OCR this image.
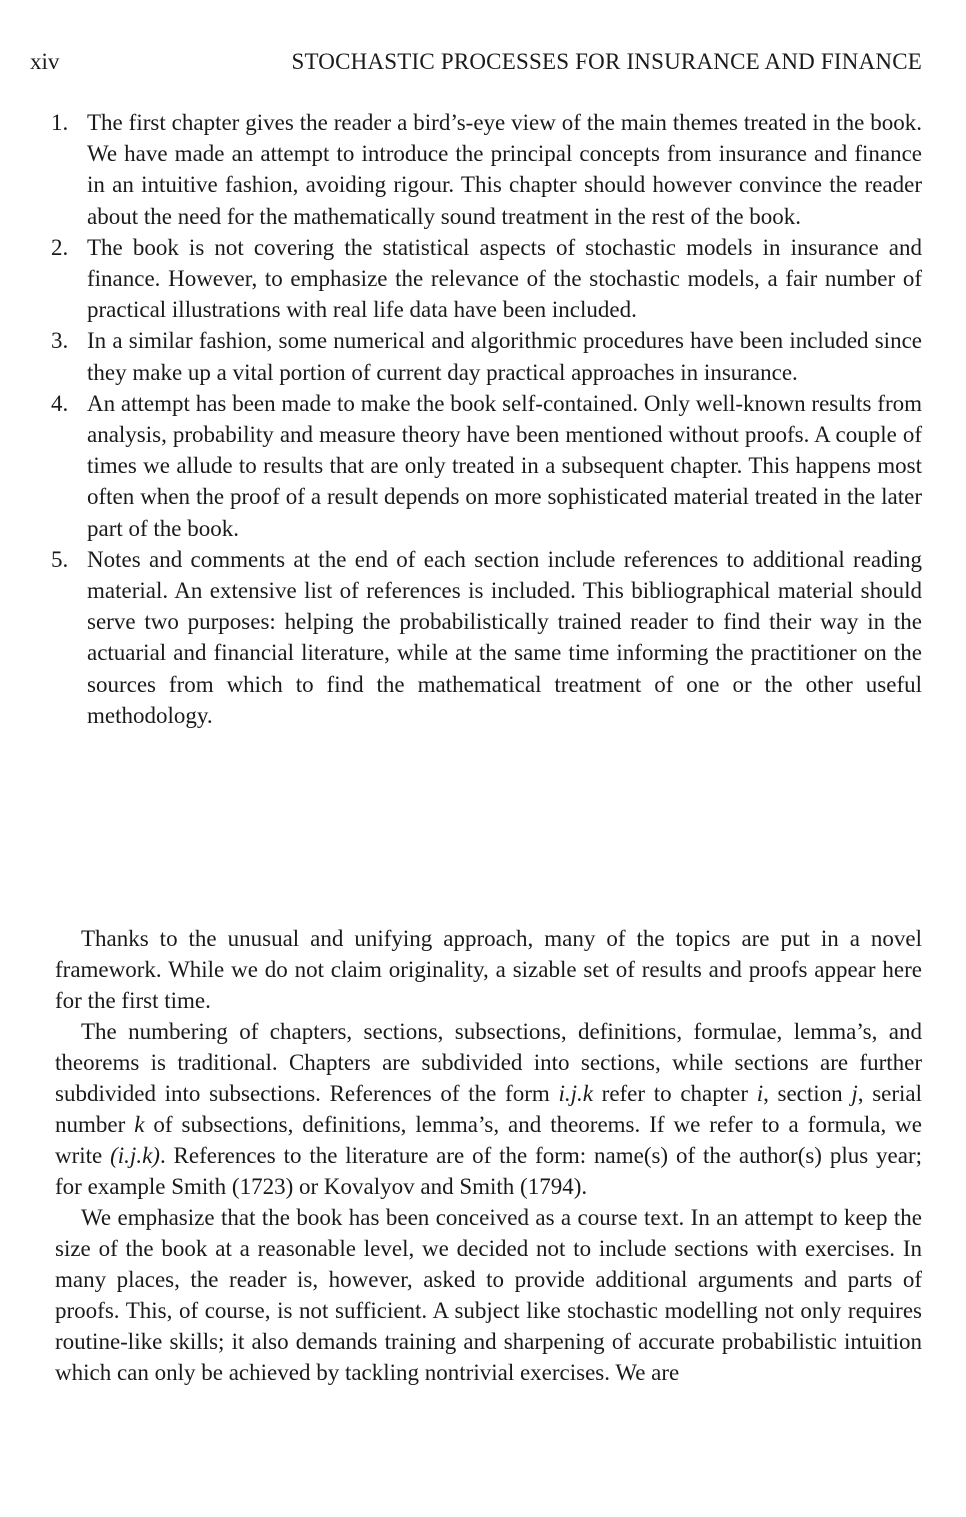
xiv	STOCHASTIC PROCESSES FOR INSURANCE AND FINANCE
1. The first chapter gives the reader a bird’s-eye view of the main themes treated in the book. We have made an attempt to introduce the principal concepts from insurance and finance in an intuitive fashion, avoiding rigour. This chapter should however convince the reader about the need for the mathematically sound treatment in the rest of the book.
2. The book is not covering the statistical aspects of stochastic models in insurance and finance. However, to emphasize the relevance of the stochastic models, a fair number of practical illustrations with real life data have been included.
3. In a similar fashion, some numerical and algorithmic procedures have been included since they make up a vital portion of current day practical approaches in insurance.
4. An attempt has been made to make the book self-contained. Only well-known results from analysis, probability and measure theory have been mentioned without proofs. A couple of times we allude to results that are only treated in a subsequent chapter. This happens most often when the proof of a result depends on more sophisticated material treated in the later part of the book.
5. Notes and comments at the end of each section include references to additional reading material. An extensive list of references is included. This bibliographical material should serve two purposes: helping the probabilistically trained reader to find their way in the actuarial and financial literature, while at the same time informing the practitioner on the sources from which to find the mathematical treatment of one or the other useful methodology.

Thanks to the unusual and unifying approach, many of the topics are put in a novel framework. While we do not claim originality, a sizable set of results and proofs appear here for the first time.

The numbering of chapters, sections, subsections, definitions, formulae, lemma’s, and theorems is traditional. Chapters are subdivided into sections, while sections are further subdivided into subsections. References of the form i.j.k refer to chapter i, section j, serial number k of subsections, definitions, lemma’s, and theorems. If we refer to a formula, we write (i.j.k). References to the literature are of the form: name(s) of the author(s) plus year; for example Smith (1723) or Kovalyov and Smith (1794).

We emphasize that the book has been conceived as a course text. In an attempt to keep the size of the book at a reasonable level, we decided not to include sections with exercises. In many places, the reader is, however, asked to provide additional arguments and parts of proofs. This, of course, is not sufficient. A subject like stochastic modelling not only requires routine-like skills; it also demands training and sharpening of accurate probabilistic intuition which can only be achieved by tackling nontrivial exercises. We are
